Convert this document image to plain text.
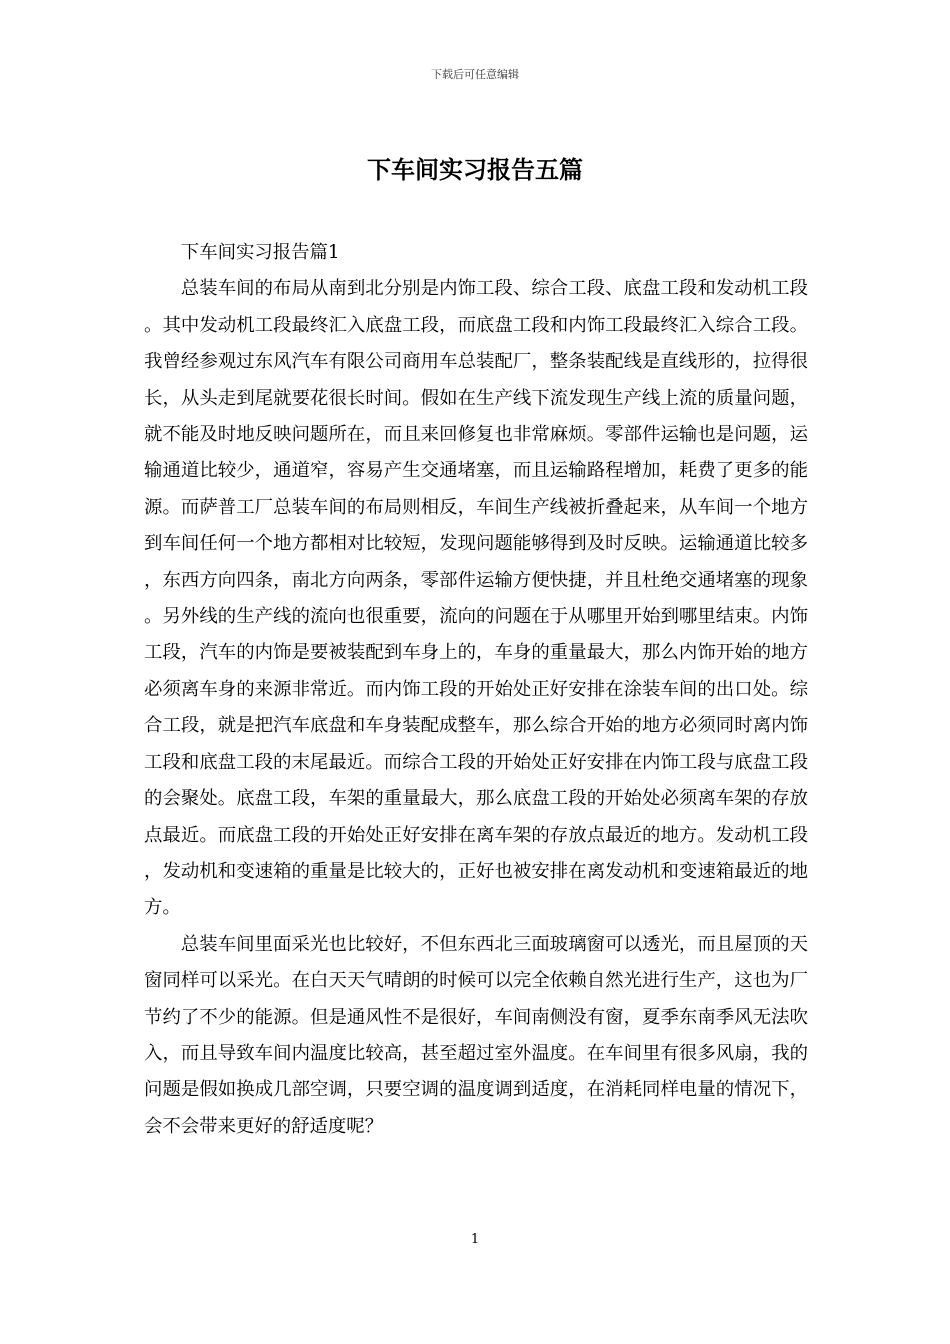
下载后可任意编辑
下车间实习报告五篇

下车间实习报告篇1

总装车间的布局从南到北分别是内饰工段、综合工段、底盘工段和发动机工段。其中发动机工段最终汇入底盘工段，而底盘工段和内饰工段最终汇入综合工段。我曾经参观过东风汽车有限公司商用车总装配厂，整条装配线是直线形的，拉得很长，从头走到尾就要花很长时间。假如在生产线下流发现生产线上流的质量问题，就不能及时地反映问题所在，而且来回修复也非常麻烦。零部件运输也是问题，运输通道比较少，通道窄，容易产生交通堵塞，而且运输路程增加，耗费了更多的能源。而萨普工厂总装车间的布局则相反，车间生产线被折叠起来，从车间一个地方到车间任何一个地方都相对比较短，发现问题能够得到及时反映。运输通道比较多，东西方向四条，南北方向两条，零部件运输方便快捷，并且杜绝交通堵塞的现象。另外线的生产线的流向也很重要，流向的问题在于从哪里开始到哪里结束。内饰工段，汽车的内饰是要被装配到车身上的，车身的重量最大，那么内饰开始的地方必须离车身的来源非常近。而内饰工段的开始处正好安排在涂装车间的出口处。综合工段，就是把汽车底盘和车身装配成整车，那么综合开始的地方必须同时离内饰工段和底盘工段的末尾最近。而综合工段的开始处正好安排在内饰工段与底盘工段的会聚处。底盘工段，车架的重量最大，那么底盘工段的开始处必须离车架的存放点最近。而底盘工段的开始处正好安排在离车架的存放点最近的地方。发动机工段，发动机和变速箱的重量是比较大的，正好也被安排在离发动机和变速箱最近的地方。

总装车间里面采光也比较好，不但东西北三面玻璃窗可以透光，而且屋顶的天窗同样可以采光。在白天天气晴朗的时候可以完全依赖自然光进行生产，这也为厂节约了不少的能源。但是通风性不是很好，车间南侧没有窗，夏季东南季风无法吹入，而且导致车间内温度比较高，甚至超过室外温度。在车间里有很多风扇，我的问题是假如换成几部空调，只要空调的温度调到适度，在消耗同样电量的情况下，会不会带来更好的舒适度呢？

1
